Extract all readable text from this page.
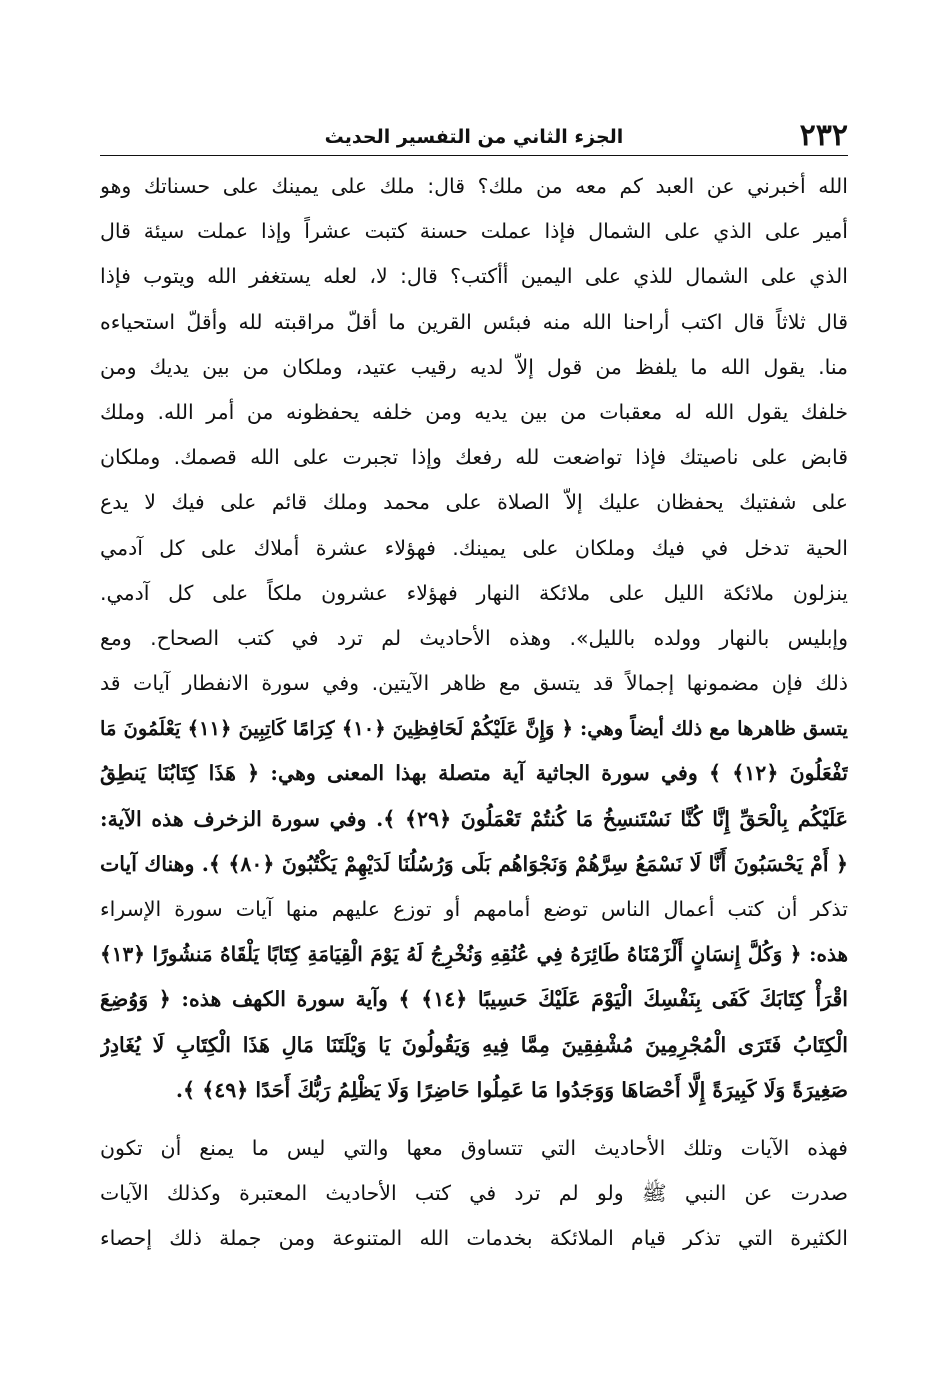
٢٣٢
الجزء الثاني من التفسير الحديث
الله أخبرني عن العبد كم معه من ملك؟ قال: ملك على يمينك على حسناتك وهو
أمير على الذي على الشمال فإذا عملت حسنة كتبت عشراً وإذا عملت سيئة قال
الذي على الشمال للذي على اليمين أأكتب؟ قال: لا، لعله يستغفر الله ويتوب فإذا
قال ثلاثاً قال اكتب أراحنا الله منه فبئس القرين ما أقلّ مراقبته لله وأقلّ استحياءه
منا. يقول الله ما يلفظ من قول إلاّ لديه رقيب عتيد، وملكان من بين يديك ومن
خلفك يقول الله له معقبات من بين يديه ومن خلفه يحفظونه من أمر الله. وملك
قابض على ناصيتك فإذا تواضعت لله رفعك وإذا تجبرت على الله قصمك. وملكان
على شفتيك يحفظان عليك إلاّ الصلاة على محمد وملك قائم على فيك لا يدع
الحية تدخل في فيك وملكان على يمينك. فهؤلاء عشرة أملاك على كل آدمي
ينزلون ملائكة الليل على ملائكة النهار فهؤلاء عشرون ملكاً على كل آدمي.
وإبليس بالنهار وولده بالليل». وهذه الأحاديث لم ترد في كتب الصحاح. ومع
ذلك فإن مضمونها إجمالاً قد يتسق مع ظاهر الآيتين. وفي سورة الانفطار آيات قد
يتسق ظاهرها مع ذلك أيضاً وهي: ﴿ وَإِنَّ عَلَيْكُمْ لَحَافِظِينَ ﴿١٠﴾ كِرَامًا كَاتِبِينَ ﴿١١﴾ يَعْلَمُونَ مَا
تَفْعَلُونَ ﴿١٢﴾ ﴾ وفي سورة الجاثية آية متصلة بهذا المعنى وهي: ﴿ هَذَا كِتَابُنَا يَنطِقُ
عَلَيْكُم بِالْحَقِّ إِنَّا كُنَّا نَسْتَنسِخُ مَا كُنتُمْ تَعْمَلُونَ ﴿٢٩﴾ ﴾. وفي سورة الزخرف هذه الآية:
﴿ أَمْ يَحْسَبُونَ أَنَّا لَا نَسْمَعُ سِرَّهُمْ وَنَجْوَاهُم بَلَى وَرُسُلُنَا لَدَيْهِمْ يَكْتُبُونَ ﴿٨٠﴾ ﴾. وهناك آيات
تذكر أن كتب أعمال الناس توضع أمامهم أو توزع عليهم منها آيات سورة الإسراء
هذه: ﴿ وَكُلَّ إِنسَانٍ أَلْزَمْنَاهُ طَائِرَهُ فِي عُنُقِهِ وَنُخْرِجُ لَهُ يَوْمَ الْقِيَامَةِ كِتَابًا يَلْقَاهُ مَنشُورًا ﴿١٣﴾
اقْرَأْ كِتَابَكَ كَفَى بِنَفْسِكَ الْيَوْمَ عَلَيْكَ حَسِيبًا ﴿١٤﴾ ﴾ وآية سورة الكهف هذه: ﴿ وَوُضِعَ
الْكِتَابُ فَتَرَى الْمُجْرِمِينَ مُشْفِقِينَ مِمَّا فِيهِ وَيَقُولُونَ يَا وَيْلَتَنَا مَالِ هَذَا الْكِتَابِ لَا يُغَادِرُ
صَغِيرَةً وَلَا كَبِيرَةً إِلَّا أَحْصَاهَا وَوَجَدُوا مَا عَمِلُوا حَاضِرًا وَلَا يَظْلِمُ رَبُّكَ أَحَدًا ﴿٤٩﴾ ﴾.
فهذه الآيات وتلك الأحاديث التي تتساوق معها والتي ليس ما يمنع أن تكون
صدرت عن النبي ﷺ ولو لم ترد في كتب الأحاديث المعتبرة وكذلك الآيات
الكثيرة التي تذكر قيام الملائكة بخدمات الله المتنوعة ومن جملة ذلك إحصاء
